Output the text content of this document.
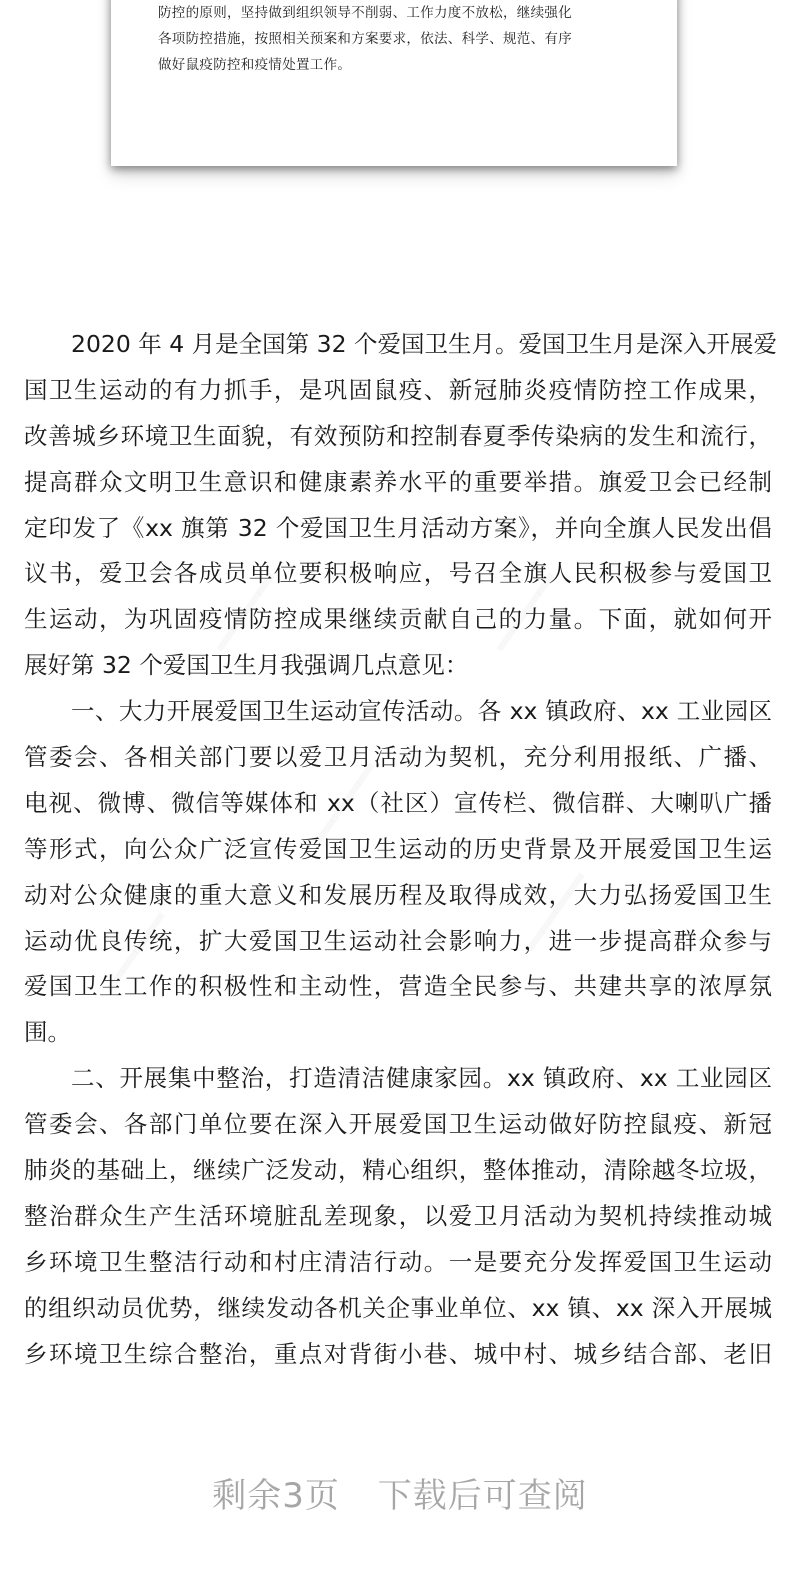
防控的原则，坚持做到组织领导不削弱、工作力度不放松，继续强化
各项防控措施，按照相关预案和方案要求，依法、科学、规范、有序
做好鼠疫防控和疫情处置工作。
━━━━	━━━━
━━━━
━━━━
━━━━
2020 年 4 月是全国第 32 个爱国卫生月。爱国卫生月是深入开展爱
国卫生运动的有力抓手，是巩固鼠疫、新冠肺炎疫情防控工作成果，
改善城乡环境卫生面貌，有效预防和控制春夏季传染病的发生和流行，
提高群众文明卫生意识和健康素养水平的重要举措。旗爱卫会已经制
定印发了《xx 旗第 32 个爱国卫生月活动方案》，并向全旗人民发出倡
议书，爱卫会各成员单位要积极响应，号召全旗人民积极参与爱国卫
生运动，为巩固疫情防控成果继续贡献自己的力量。下面，就如何开
展好第 32 个爱国卫生月我强调几点意见：
一、大力开展爱国卫生运动宣传活动。各 xx 镇政府、xx 工业园区
管委会、各相关部门要以爱卫月活动为契机，充分利用报纸、广播、
电视、微博、微信等媒体和 xx（社区）宣传栏、微信群、大喇叭广播
等形式，向公众广泛宣传爱国卫生运动的历史背景及开展爱国卫生运
动对公众健康的重大意义和发展历程及取得成效，大力弘扬爱国卫生
运动优良传统，扩大爱国卫生运动社会影响力，进一步提高群众参与
爱国卫生工作的积极性和主动性，营造全民参与、共建共享的浓厚氛
围。
二、开展集中整治，打造清洁健康家园。xx 镇政府、xx 工业园区
管委会、各部门单位要在深入开展爱国卫生运动做好防控鼠疫、新冠
肺炎的基础上，继续广泛发动，精心组织，整体推动，清除越冬垃圾，
整治群众生产生活环境脏乱差现象，以爱卫月活动为契机持续推动城
乡环境卫生整洁行动和村庄清洁行动。一是要充分发挥爱国卫生运动
的组织动员优势，继续发动各机关企事业单位、xx 镇、xx 深入开展城
乡环境卫生综合整治，重点对背街小巷、城中村、城乡结合部、老旧
剩余3页 下载后可查阅
